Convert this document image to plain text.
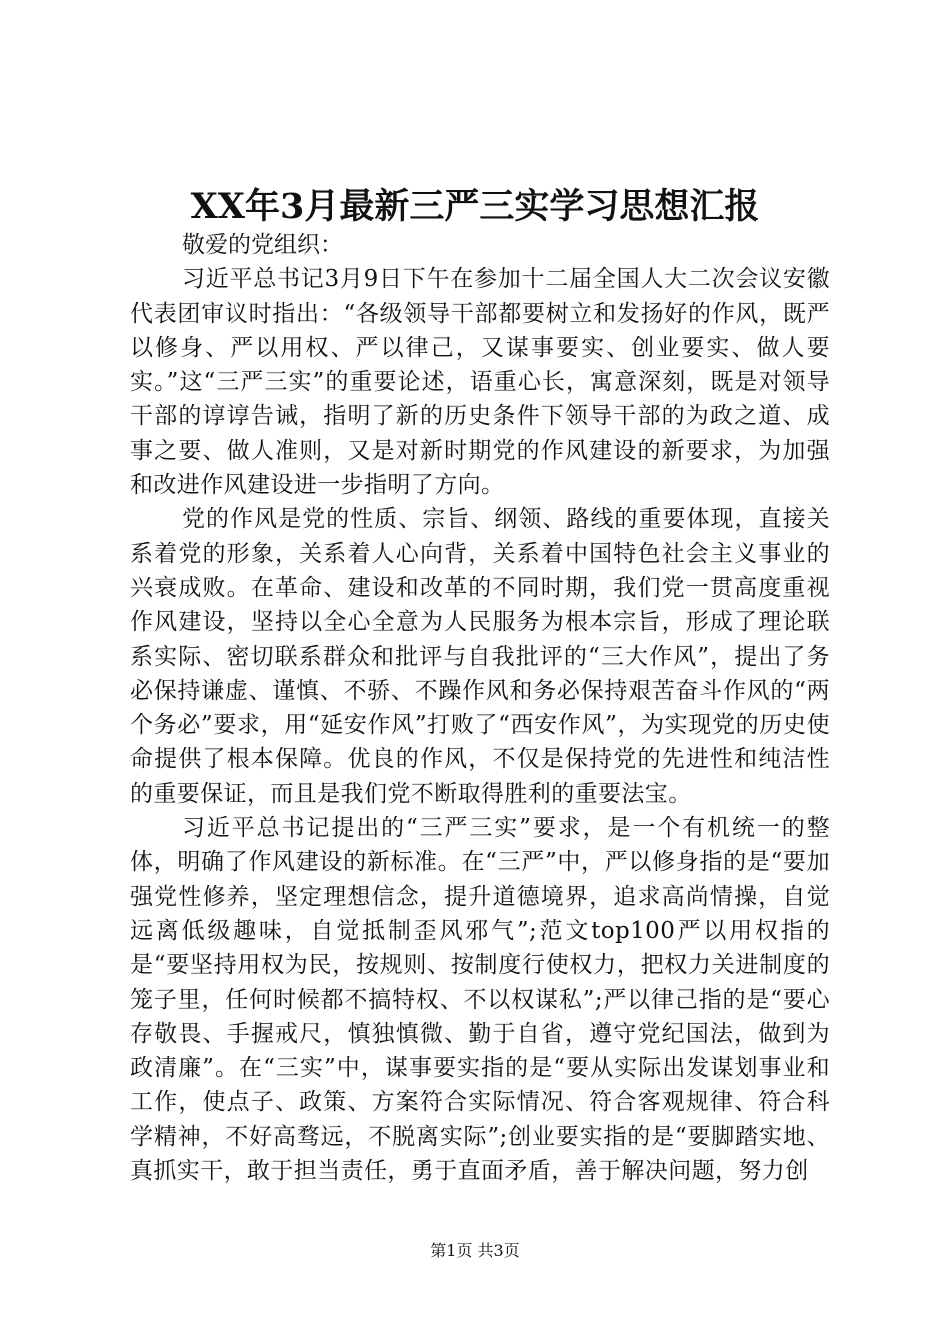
XX年3月最新三严三实学习思想汇报

敬爱的党组织：

习近平总书记3月9日下午在参加十二届全国人大二次会议安徽代表团审议时指出：“各级领导干部都要树立和发扬好的作风，既严以修身、严以用权、严以律己，又谋事要实、创业要实、做人要实。”这“三严三实”的重要论述，语重心长，寓意深刻，既是对领导干部的谆谆告诫，指明了新的历史条件下领导干部的为政之道、成事之要、做人准则，又是对新时期党的作风建设的新要求，为加强和改进作风建设进一步指明了方向。

党的作风是党的性质、宗旨、纲领、路线的重要体现，直接关系着党的形象，关系着人心向背，关系着中国特色社会主义事业的兴衰成败。在革命、建设和改革的不同时期，我们党一贯高度重视作风建设，坚持以全心全意为人民服务为根本宗旨，形成了理论联系实际、密切联系群众和批评与自我批评的“三大作风”，提出了务必保持谦虚、谨慎、不骄、不躁作风和务必保持艰苦奋斗作风的“两个务必”要求，用“延安作风”打败了“西安作风”，为实现党的历史使命提供了根本保障。优良的作风，不仅是保持党的先进性和纯洁性的重要保证，而且是我们党不断取得胜利的重要法宝。

习近平总书记提出的“三严三实”要求，是一个有机统一的整体，明确了作风建设的新标准。在“三严”中，严以修身指的是“要加强党性修养，坚定理想信念，提升道德境界，追求高尚情操，自觉远离低级趣味，自觉抵制歪风邪气”;范文top100严以用权指的是“要坚持用权为民，按规则、按制度行使权力，把权力关进制度的笼子里，任何时候都不搞特权、不以权谋私”;严以律己指的是“要心存敬畏、手握戒尺，慎独慎微、勤于自省，遵守党纪国法，做到为政清廉”。在“三实”中，谋事要实指的是“要从实际出发谋划事业和工作，使点子、政策、方案符合实际情况、符合客观规律、符合科学精神，不好高骛远，不脱离实际”;创业要实指的是“要脚踏实地、真抓实干，敢于担当责任，勇于直面矛盾，善于解决问题，努力创

第1页 共3页
